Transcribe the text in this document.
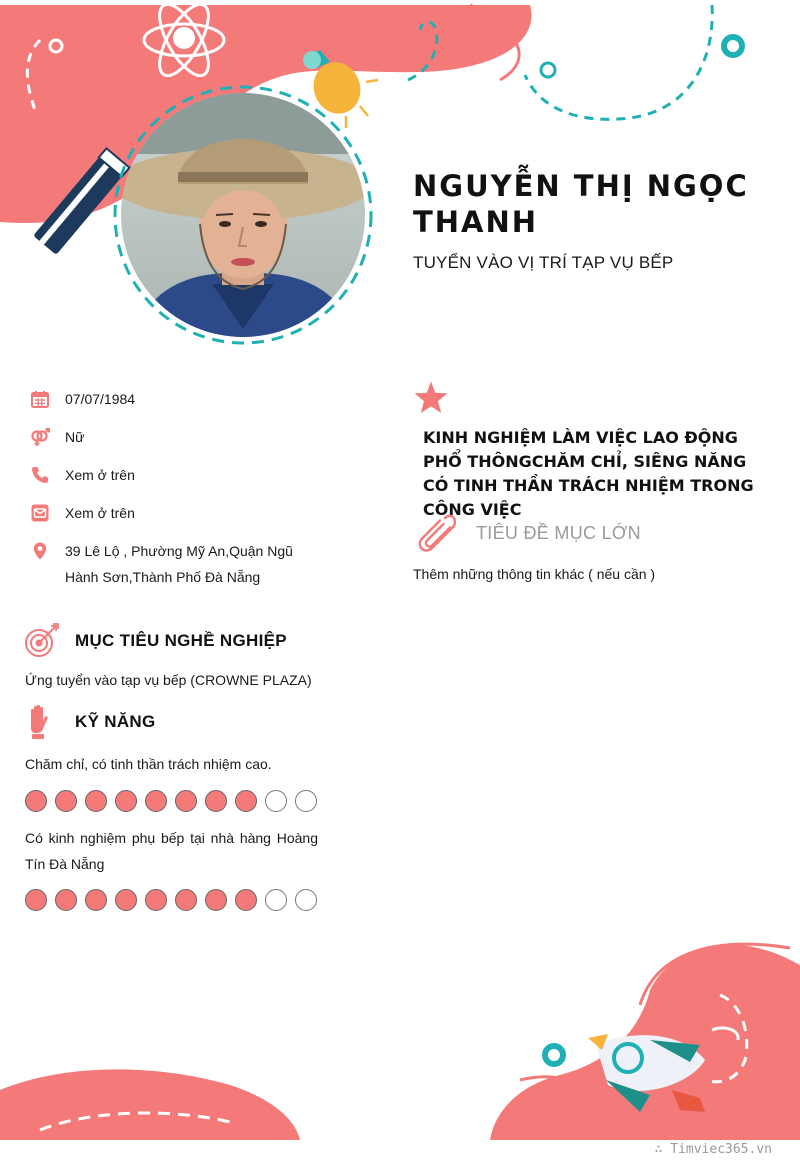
NGUYỄN THỊ NGỌC THANH
TUYỂN VÀO VỊ TRÍ TẠP VỤ BẾP
07/07/1984
Nữ
Xem ở trên
Xem ở trên
39 Lê Lộ , Phường Mỹ An,Quận Ngũ Hành Sơn,Thành Phố Đà Nẵng
MỤC TIÊU NGHỀ NGHIỆP
Ứng tuyển vào tạp vụ bếp (CROWNE PLAZA)
KỸ NĂNG
Chăm chỉ, có tinh thần trách nhiệm cao.
Có kinh nghiệm phụ bếp tại nhà hàng Hoàng Tín Đà Nẵng
KINH NGHIỆM LÀM VIỆC LAO ĐỘNG PHỔ THÔNGCHĂM CHỈ, SIÊNG NĂNG CÓ TINH THẦN TRÁCH NHIỆM TRONG CÔNG VIỆC
TIÊU ĐỀ MỤC LỚN
Thêm những thông tin khác ( nếu cần )
∴ Timviec365.vn
